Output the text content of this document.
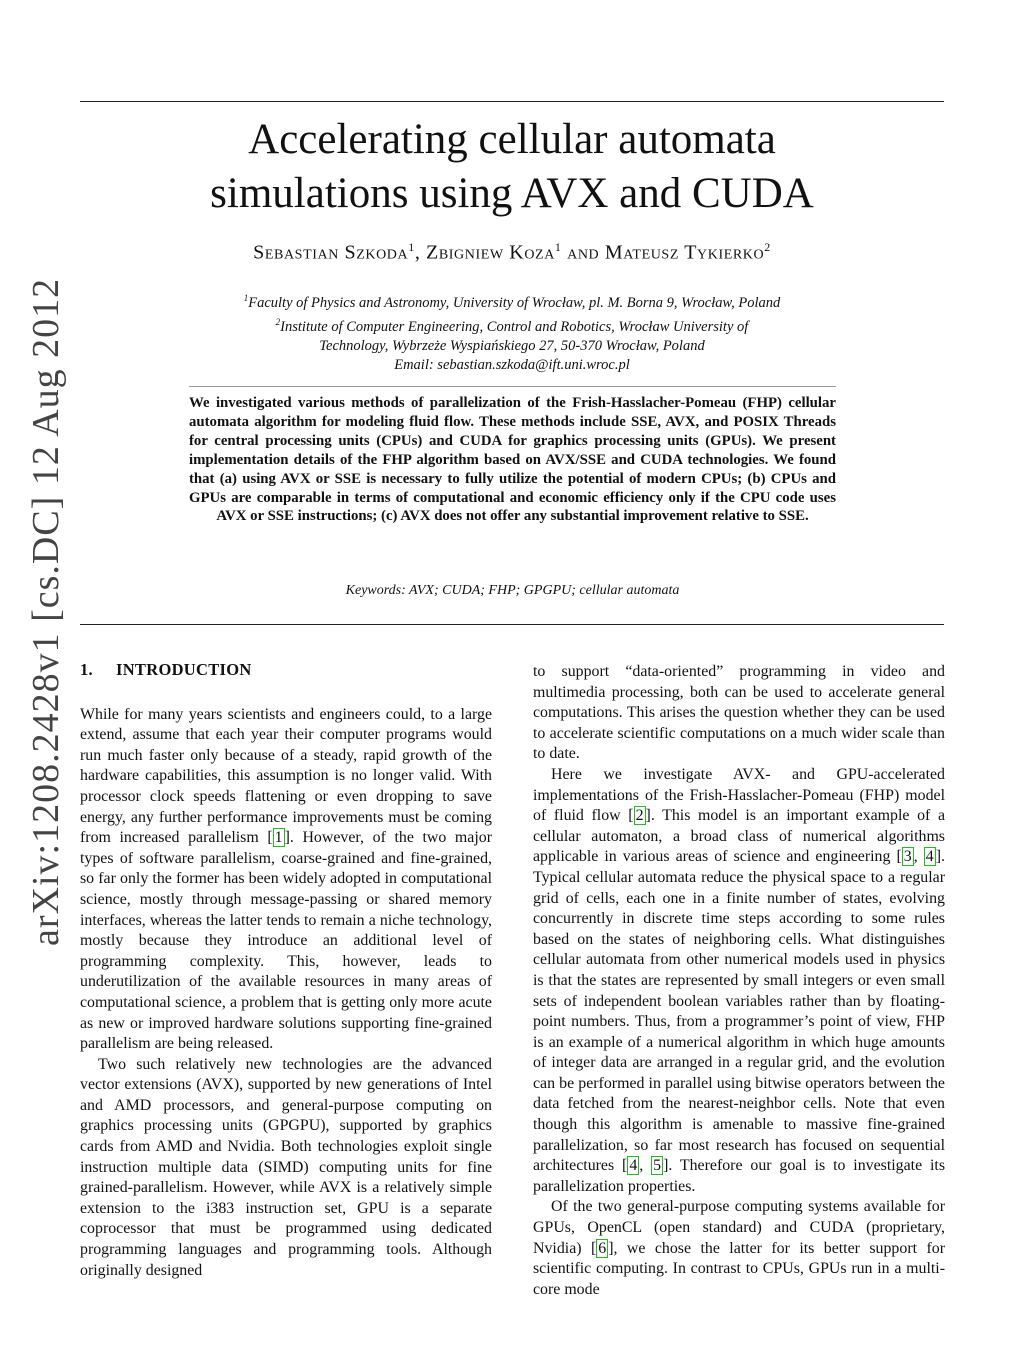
arXiv:1208.2428v1 [cs.DC] 12 Aug 2012
Accelerating cellular automata
simulations using AVX and CUDA
Sebastian Szkoda$^1$, Zbigniew Koza$^1$ and Mateusz Tykierko$^2$
$^1$Faculty of Physics and Astronomy, University of Wrocław, pl. M. Borna 9, Wrocław, Poland
$^2$Institute of Computer Engineering, Control and Robotics, Wrocław University of
Technology, Wybrzeże Wyspiańskiego 27, 50-370 Wrocław, Poland
Email: sebastian.szkoda@ift.uni.wroc.pl
We investigated various methods of parallelization of the Frish-Hasslacher-Pomeau (FHP) cellular automata algorithm for modeling fluid flow. These methods include SSE, AVX, and POSIX Threads for central processing units (CPUs) and CUDA for graphics processing units (GPUs). We present implementation details of the FHP algorithm based on AVX/SSE and CUDA technologies. We found that (a) using AVX or SSE is necessary to fully utilize the potential of modern CPUs; (b) CPUs and GPUs are comparable in terms of computational and economic efficiency only if the CPU code uses AVX or SSE instructions; (c) AVX does not offer any substantial improvement relative to SSE.
Keywords: AVX; CUDA; FHP; GPGPU; cellular automata
1. INTRODUCTION

While for many years scientists and engineers could, to a large extend, assume that each year their computer programs would run much faster only because of a steady, rapid growth of the hardware capabilities, this assumption is no longer valid. With processor clock speeds flattening or even dropping to save energy, any further performance improvements must be coming from increased parallelism [ 1 ]. However, of the two major types of software parallelism, coarse-grained and fine-grained, so far only the former has been widely adopted in computational science, mostly through message-passing or shared memory interfaces, whereas the latter tends to remain a niche technology, mostly because they introduce an additional level of programming complexity. This, however, leads to underutilization of the available resources in many areas of computational science, a problem that is getting only more acute as new or improved hardware solutions supporting fine-grained parallelism are being released.

Two such relatively new technologies are the advanced vector extensions (AVX), supported by new generations of Intel and AMD processors, and general-purpose computing on graphics processing units (GPGPU), supported by graphics cards from AMD and Nvidia. Both technologies exploit single instruction multiple data (SIMD) computing units for fine grained-parallelism. However, while AVX is a relatively simple extension to the i383 instruction set, GPU is a separate coprocessor that must be programmed using dedicated programming languages and programming tools. Although originally designed

to support “data-oriented” programming in video and multimedia processing, both can be used to accelerate general computations. This arises the question whether they can be used to accelerate scientific computations on a much wider scale than to date.

Here we investigate AVX- and GPU-accelerated implementations of the Frish-Hasslacher-Pomeau (FHP) model of fluid flow [ 2 ]. This model is an important example of a cellular automaton, a broad class of numerical algorithms applicable in various areas of science and engineering [ 3 , 4 ]. Typical cellular automata reduce the physical space to a regular grid of cells, each one in a finite number of states, evolving concurrently in discrete time steps according to some rules based on the states of neighboring cells. What distinguishes cellular automata from other numerical models used in physics is that the states are represented by small integers or even small sets of independent boolean variables rather than by floating-point numbers. Thus, from a programmer’s point of view, FHP is an example of a numerical algorithm in which huge amounts of integer data are arranged in a regular grid, and the evolution can be performed in parallel using bitwise operators between the data fetched from the nearest-neighbor cells. Note that even though this algorithm is amenable to massive fine-grained parallelization, so far most research has focused on sequential architectures [ 4 , 5 ]. Therefore our goal is to investigate its parallelization properties.

Of the two general-purpose computing systems available for GPUs, OpenCL (open standard) and CUDA (proprietary, Nvidia) [ 6 ], we chose the latter for its better support for scientific computing. In contrast to CPUs, GPUs run in a multi-core mode
